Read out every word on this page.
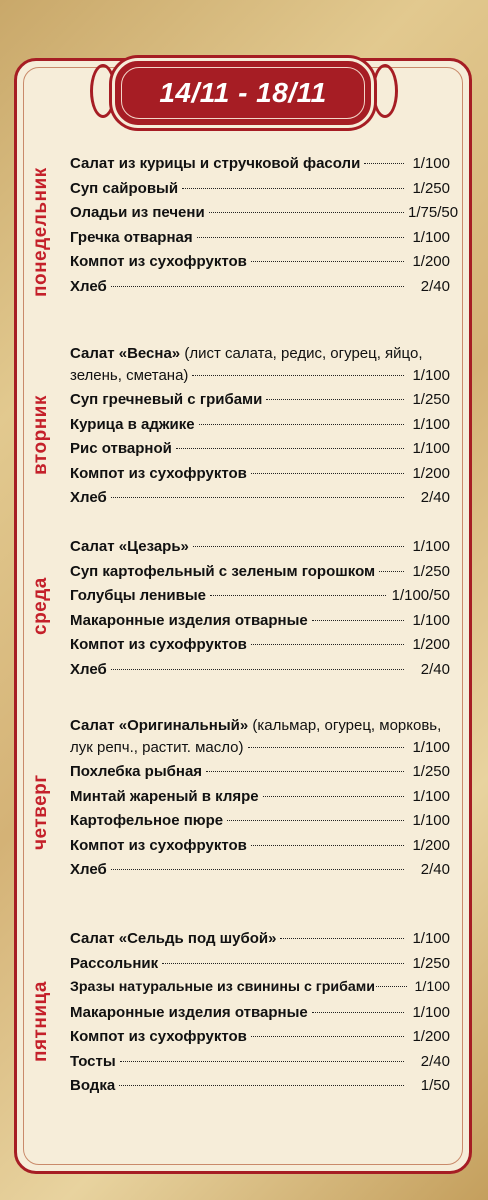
14/11 - 18/11
понедельник
Салат из курицы и стручковой фасоли	1/100
Суп сайровый	1/250
Оладьи из печени	1/75/50
Гречка отварная	1/100
Компот из сухофруктов	1/200
Хлеб	2/40
вторник
Салат «Весна» (лист салата, редис, огурец, яйцо,
зелень, сметана)	1/100
Суп гречневый с грибами	1/250
Курица в аджике	1/100
Рис отварной	1/100
Компот из сухофруктов	1/200
Хлеб	2/40
среда
Салат «Цезарь»	1/100
Суп картофельный с зеленым горошком 1/250
Голубцы ленивые	1/100/50
Макаронные изделия отварные	1/100
Компот из сухофруктов	1/200
Хлеб	2/40
четверг
Салат «Оригинальный» (кальмар, огурец, морковь,
лук репч., растит. масло)	1/100
Похлебка рыбная	1/250
Минтай жареный в кляре	1/100
Картофельное пюре	1/100
Компот из сухофруктов	1/200
Хлеб	2/40
пятница
Салат «Сельдь под шубой»	1/100
Рассольник	1/250
Зразы натуральные из свинины с грибами	1/100
Макаронные изделия отварные	1/100
Компот из сухофруктов	1/200
Тосты	2/40
Водка	1/50
